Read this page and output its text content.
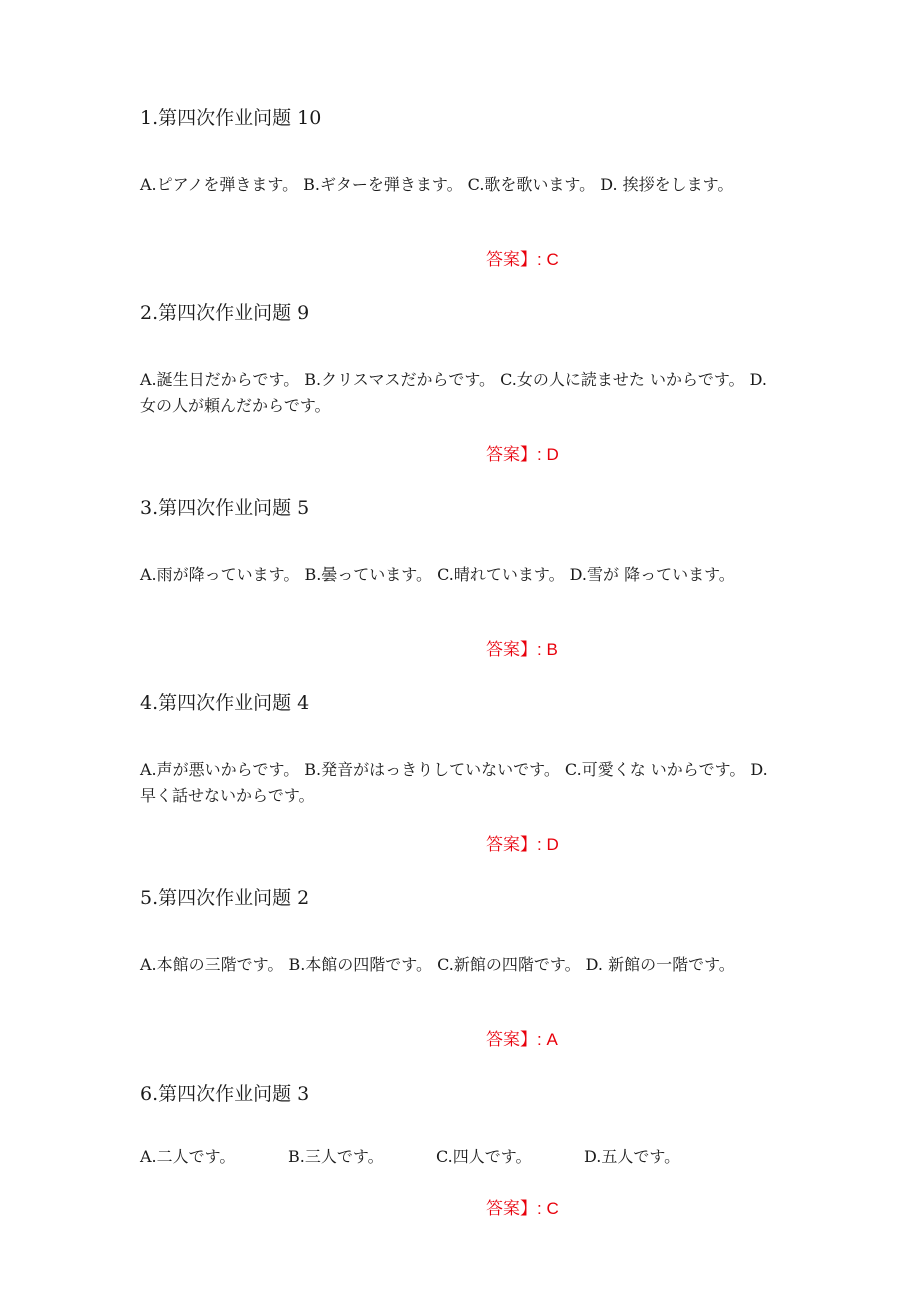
1.第四次作业问题 10

A.ピアノを弾きます。 B.ギターを弾きます。 C.歌を歌います。 D. 挨拶をします。

答案】: C

2.第四次作业问题 9

A.誕生日だからです。 B.クリスマスだからです。 C.女の人に読ませた いからです。 D.女の人が頼んだからです。

答案】: D

3.第四次作业问题 5

A.雨が降っています。 B.曇っています。 C.晴れています。 D.雪が 降っています。

答案】: B

4.第四次作业问题 4

A.声が悪いからです。 B.発音がはっきりしていないです。 C.可愛くな いからです。 D.早く話せないからです。

答案】: D

5.第四次作业问题 2

A.本館の三階です。 B.本館の四階です。 C.新館の四階です。 D. 新館の一階です。

答案】: A

6.第四次作业问题 3

A.二人です。	B.三人です。	C.四人です。	D.五人です。

答案】: C
